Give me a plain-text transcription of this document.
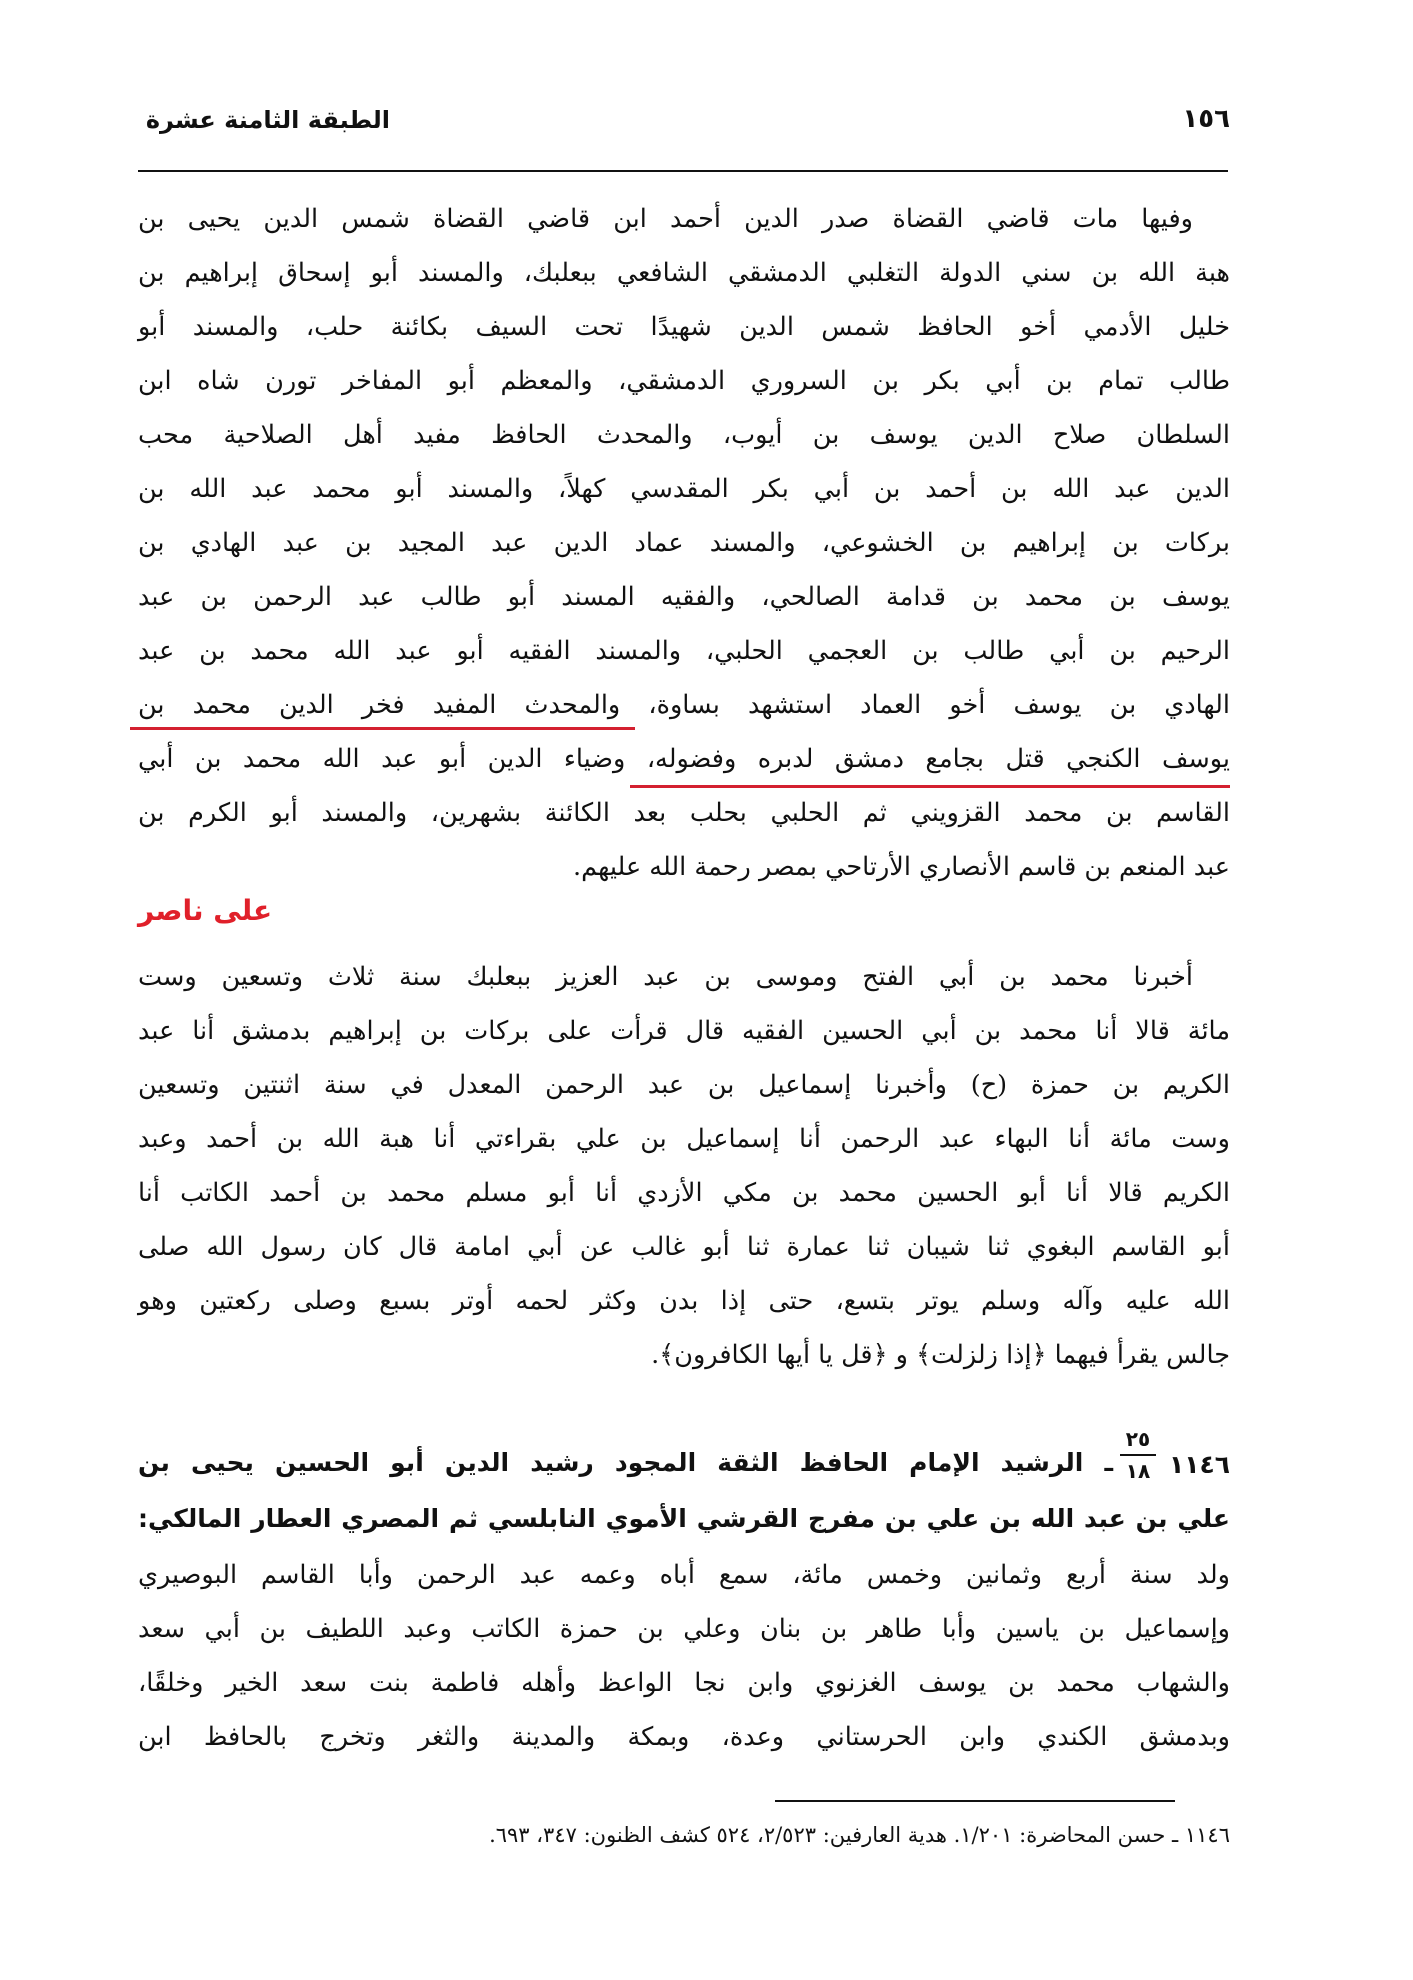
١٥٦
الطبقة الثامنة عشرة
وفيها مات قاضي القضاة صدر الدين أحمد ابن قاضي القضاة شمس الدين يحيى بن
هبة الله بن سني الدولة التغلبي الدمشقي الشافعي ببعلبك، والمسند أبو إسحاق إبراهيم بن
خليل الأدمي أخو الحافظ شمس الدين شهيدًا تحت السيف بكائنة حلب، والمسند أبو
طالب تمام بن أبي بكر بن السروري الدمشقي، والمعظم أبو المفاخر تورن شاه ابن
السلطان صلاح الدين يوسف بن أيوب، والمحدث الحافظ مفيد أهل الصلاحية محب
الدين عبد الله بن أحمد بن أبي بكر المقدسي كهلاً، والمسند أبو محمد عبد الله بن
بركات بن إبراهيم بن الخشوعي، والمسند عماد الدين عبد المجيد بن عبد الهادي بن
يوسف بن محمد بن قدامة الصالحي، والفقيه المسند أبو طالب عبد الرحمن بن عبد
الرحيم بن أبي طالب بن العجمي الحلبي، والمسند الفقيه أبو عبد الله محمد بن عبد
الهادي بن يوسف أخو العماد استشهد بساوة، والمحدث المفيد فخر الدين محمد بن
يوسف الكنجي قتل بجامع دمشق لدبره وفضوله، وضياء الدين أبو عبد الله محمد بن أبي
القاسم بن محمد القزويني ثم الحلبي بحلب بعد الكائنة بشهرين، والمسند أبو الكرم بن
عبد المنعم بن قاسم الأنصاري الأرتاحي بمصر رحمة الله عليهم.
على ناصر
أخبرنا محمد بن أبي الفتح وموسى بن عبد العزيز ببعلبك سنة ثلاث وتسعين وست
مائة قالا أنا محمد بن أبي الحسين الفقيه قال قرأت على بركات بن إبراهيم بدمشق أنا عبد
الكريم بن حمزة (ح) وأخبرنا إسماعيل بن عبد الرحمن المعدل في سنة اثنتين وتسعين
وست مائة أنا البهاء عبد الرحمن أنا إسماعيل بن علي بقراءتي أنا هبة الله بن أحمد وعبد
الكريم قالا أنا أبو الحسين محمد بن مكي الأزدي أنا أبو مسلم محمد بن أحمد الكاتب أنا
أبو القاسم البغوي ثنا شيبان ثنا عمارة ثنا أبو غالب عن أبي امامة قال كان رسول الله صلى
الله عليه وآله وسلم يوتر بتسع، حتى إذا بدن وكثر لحمه أوتر بسبع وصلى ركعتين وهو
جالس يقرأ فيهما ﴿إذا زلزلت﴾ و ﴿قل يا أيها الكافرون﴾.
١١٤٦
٢٥
١٨
ـ الرشيد الإمام الحافظ الثقة المجود رشيد الدين أبو الحسين يحيى بن
علي بن عبد الله بن علي بن مفرج القرشي الأموي النابلسي ثم المصري العطار المالكي:
ولد سنة أربع وثمانين وخمس مائة، سمع أباه وعمه عبد الرحمن وأبا القاسم البوصيري
وإسماعيل بن ياسين وأبا طاهر بن بنان وعلي بن حمزة الكاتب وعبد اللطيف بن أبي سعد
والشهاب محمد بن يوسف الغزنوي وابن نجا الواعظ وأهله فاطمة بنت سعد الخير وخلقًا،
وبدمشق الكندي وابن الحرستاني وعدة، وبمكة والمدينة والثغر وتخرج بالحافظ ابن
١١٤٦ ـ حسن المحاضرة: ١/٢٠١. هدية العارفين: ٢/٥٢٣، ٥٢٤ كشف الظنون: ٣٤٧، ٦٩٣.
